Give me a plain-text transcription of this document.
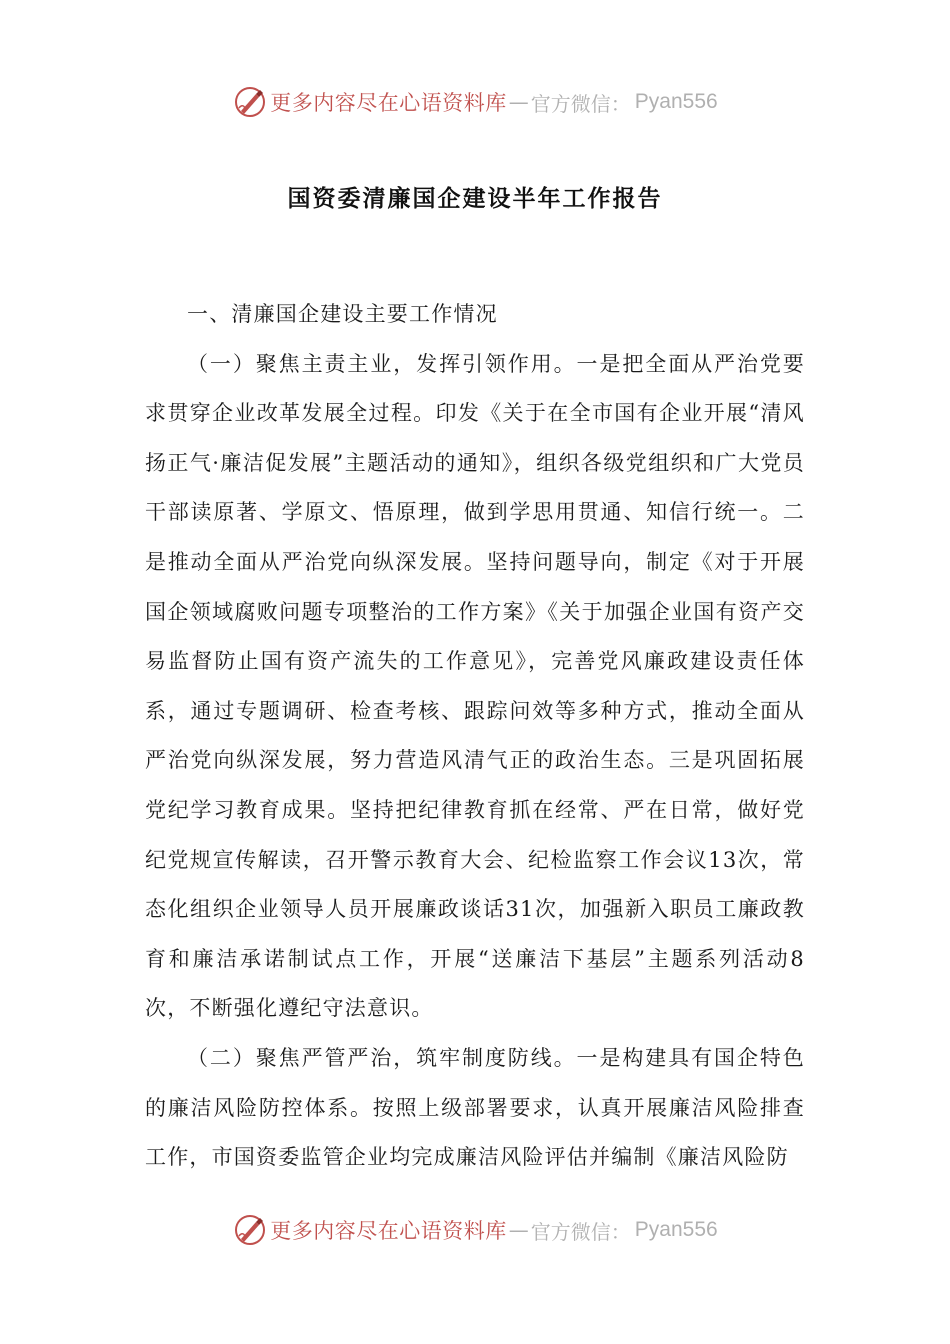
更多内容尽在心语资料库 — 官方微信： Pyan556
国资委清廉国企建设半年工作报告

一、清廉国企建设主要工作情况

（一）聚焦主责主业，发挥引领作用。一是把全面从严治党要求贯穿企业改革发展全过程。印发《关于在全市国有企业开展“清风扬正气·廉洁促发展”主题活动的通知》，组织各级党组织和广大党员干部读原著、学原文、悟原理，做到学思用贯通、知信行统一。二是推动全面从严治党向纵深发展。坚持问题导向，制定《对于开展国企领域腐败问题专项整治的工作方案》《关于加强企业国有资产交易监督防止国有资产流失的工作意见》，完善党风廉政建设责任体系，通过专题调研、检查考核、跟踪问效等多种方式，推动全面从严治党向纵深发展，努力营造风清气正的政治生态。三是巩固拓展党纪学习教育成果。坚持把纪律教育抓在经常、严在日常，做好党纪党规宣传解读，召开警示教育大会、纪检监察工作会议13次，常态化组织企业领导人员开展廉政谈话31次，加强新入职员工廉政教育和廉洁承诺制试点工作，开展“送廉洁下基层”主题系列活动8次，不断强化遵纪守法意识。

（二）聚焦严管严治，筑牢制度防线。一是构建具有国企特色的廉洁风险防控体系。按照上级部署要求，认真开展廉洁风险排查工作，市国资委监管企业均完成廉洁风险评估并编制《廉洁风险防

更多内容尽在心语资料库 — 官方微信： Pyan556
